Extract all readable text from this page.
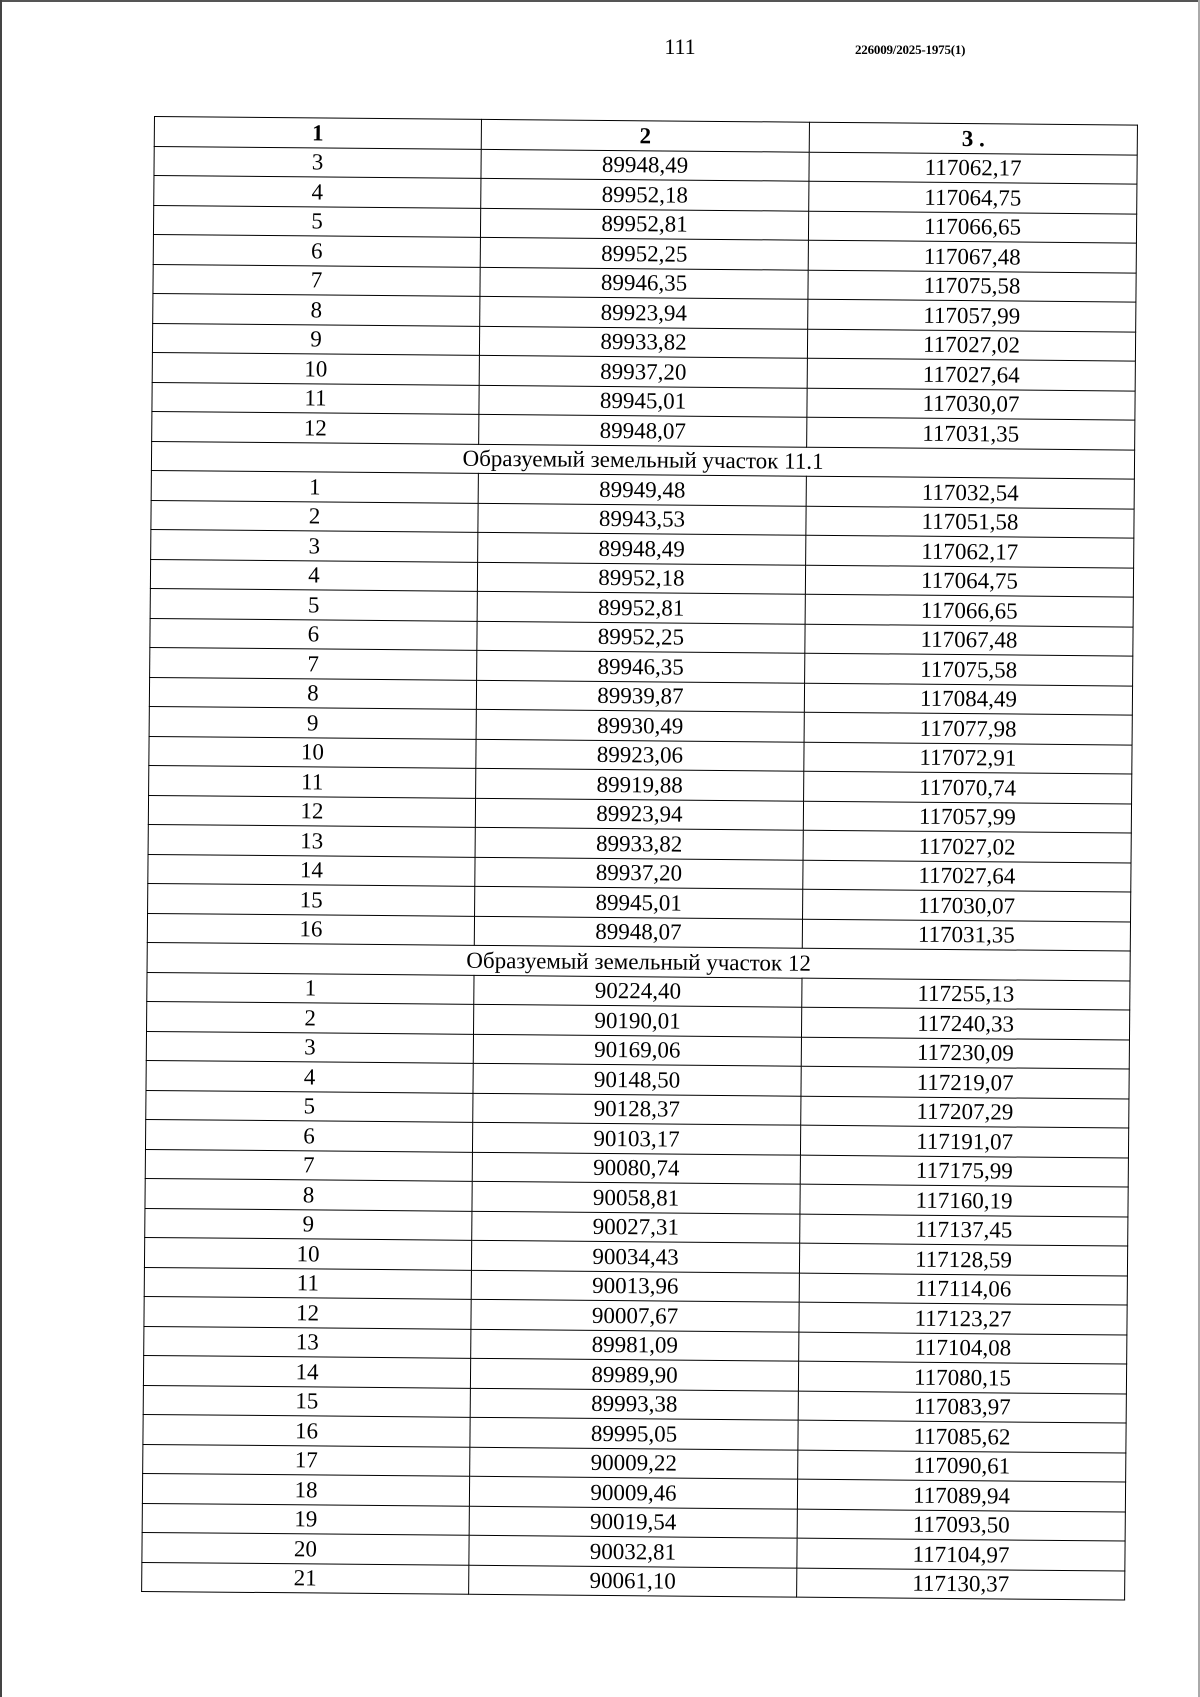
111	226009/2025-1975(1)
1	2	3 .
3	89948,49	117062,17
4	89952,18	117064,75
5	89952,81	117066,65
6	89952,25	117067,48
7	89946,35	117075,58
8	89923,94	117057,99
9	89933,82	117027,02
10	89937,20	117027,64
11	89945,01	117030,07
12	89948,07	117031,35
Образуемый земельный участок 11.1		
1	89949,48	117032,54
2	89943,53	117051,58
3	89948,49	117062,17
4	89952,18	117064,75
5	89952,81	117066,65
6	89952,25	117067,48
7	89946,35	117075,58
8	89939,87	117084,49
9	89930,49	117077,98
10	89923,06	117072,91
11	89919,88	117070,74
12	89923,94	117057,99
13	89933,82	117027,02
14	89937,20	117027,64
15	89945,01	117030,07
16	89948,07	117031,35
Образуемый земельный участок 12		
1	90224,40	117255,13
2	90190,01	117240,33
3	90169,06	117230,09
4	90148,50	117219,07
5	90128,37	117207,29
6	90103,17	117191,07
7	90080,74	117175,99
8	90058,81	117160,19
9	90027,31	117137,45
10	90034,43	117128,59
11	90013,96	117114,06
12	90007,67	117123,27
13	89981,09	117104,08
14	89989,90	117080,15
15	89993,38	117083,97
16	89995,05	117085,62
17	90009,22	117090,61
18	90009,46	117089,94
19	90019,54	117093,50
20	90032,81	117104,97
21	90061,10	117130,37
